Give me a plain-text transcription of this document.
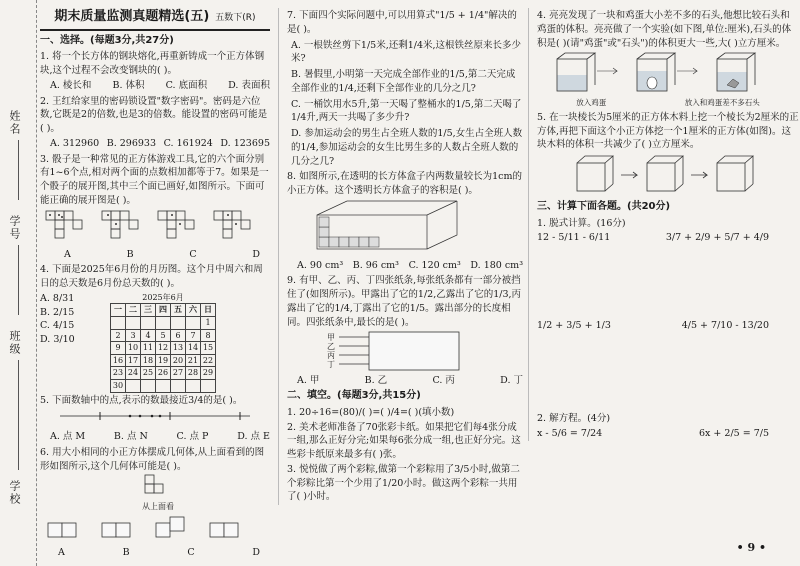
姓名
学号
班级
学校
期末质量监测真题精选(五) 五数下(R)
一、选择。(每题3分,共27分)
1. 将一个长方体的钢块熔化,再重新铸成一个正方体钢块,这个过程不会改变钢块的( )。
A. 棱长和 B. 体积 C. 底面积 D. 表面积
2. 王红给家里的密码锁设置"数字密码"。密码是六位数,它既是2的倍数,也是3的倍数。能设置的密码可能是( )。
A. 312960 B. 296933 C. 161924 D. 123695
3. 骰子是一种常见的正方体游戏工具,它的六个面分别有1~6个点,相对两个面的点数相加都等于7。如果是一个骰子的展开图,其中三个面已画好,如图所示。下面可能正确的展开图是( )。
A	B	C	D
4. 下面是2025年6月份的月历图。这个月中周六和周日的总天数是6月份总天数的( )。
A. 8/31
B. 2/15
C. 4/15
D. 3/10
2025年6月
一	二	三	四	五	六	日
						1
2	3	4	5	6	7	8
9	10	11	12	13	14	15
16	17	18	19	20	21	22
23	24	25	26	27	28	29
30						
5. 下面数轴中的点,表示的数最接近3/4的是( )。
A. 点 M	B. 点 N	C. 点 P	D. 点 E
6. 用大小相同的小正方体摆成几何体,从上面看到的图形如图所示,这个几何体可能是( )。
从上面看
A	B	C	D
7. 下面四个实际问题中,可以用算式"1/5 + 1/4"解决的是( )。
A. 一根铁丝剪下1/5米,还剩1/4米,这根铁丝原来长多少米?
B. 暑假里,小明第一天完成全部作业的1/5,第二天完成全部作业的1/4,还剩下全部作业的几分之几?
C. 一桶饮用水5升,第一天喝了整桶水的1/5,第二天喝了1/4升,两天一共喝了多少升?
D. 参加运动会的男生占全班人数的1/5,女生占全班人数的1/4,参加运动会的女生比男生多的人数占全班人数的几分之几?
8. 如图所示,在透明的长方体盒子内两数量较长为1cm的小正方体。这个透明长方体盒子的容积是( )。
A. 90 cm³ B. 96 cm³ C. 120 cm³ D. 180 cm³
9. 有甲、乙、丙、丁四张纸条,每张纸条都有一部分被挡住了(如图所示)。甲露出了它的1/2,乙露出了它的1/3,丙露出了它的1/4,丁露出了它的1/5。露出部分的长度相同。四张纸条中,最长的是( )。
甲
乙
丙
丁
A. 甲	B. 乙	C. 丙	D. 丁
二、填空。(每题3分,共15分)
1. 20÷16=(80)/( )=( )/4=( )(填小数)
2. 美术老师准备了70张彩卡纸。如果把它们每4张分成一组,那么正好分完;如果每6张分成一组,也正好分完。这些彩卡纸原来最多有( )张。
3. 悦悦做了两个彩粽,做第一个彩粽用了3/5小时,做第二个彩粽比第一个少用了1/20小时。做这两个彩粽一共用了( )小时。
4. 亮亮发现了一块和鸡蛋大小差不多的石头,他想比较石头和鸡蛋的体积。亮亮做了一个实验(如下图,单位:厘米),石头的体积是( )(请"鸡蛋"或"石头")的体积更大一些,大( )立方厘米。
放入鸡蛋	放入和鸡蛋差不多石头
5. 在一块棱长为5厘米的正方体木料上挖一个棱长为2厘米的正方体,再把下面这个小正方体挖一个1厘米的正方体(如图)。这块木料的体积一共减少了( )立方厘米。
三、计算下面各题。(共20分)
1. 脱式计算。(16分)
12 - 5/11 - 6/11	3/7 + 2/9 + 5/7 + 4/9
1/2 + 3/5 + 1/3	4/5 + 7/10 - 13/20
2. 解方程。(4分)
x - 5/6 = 7/24	6x + 2/5 = 7/5
• 9 •
